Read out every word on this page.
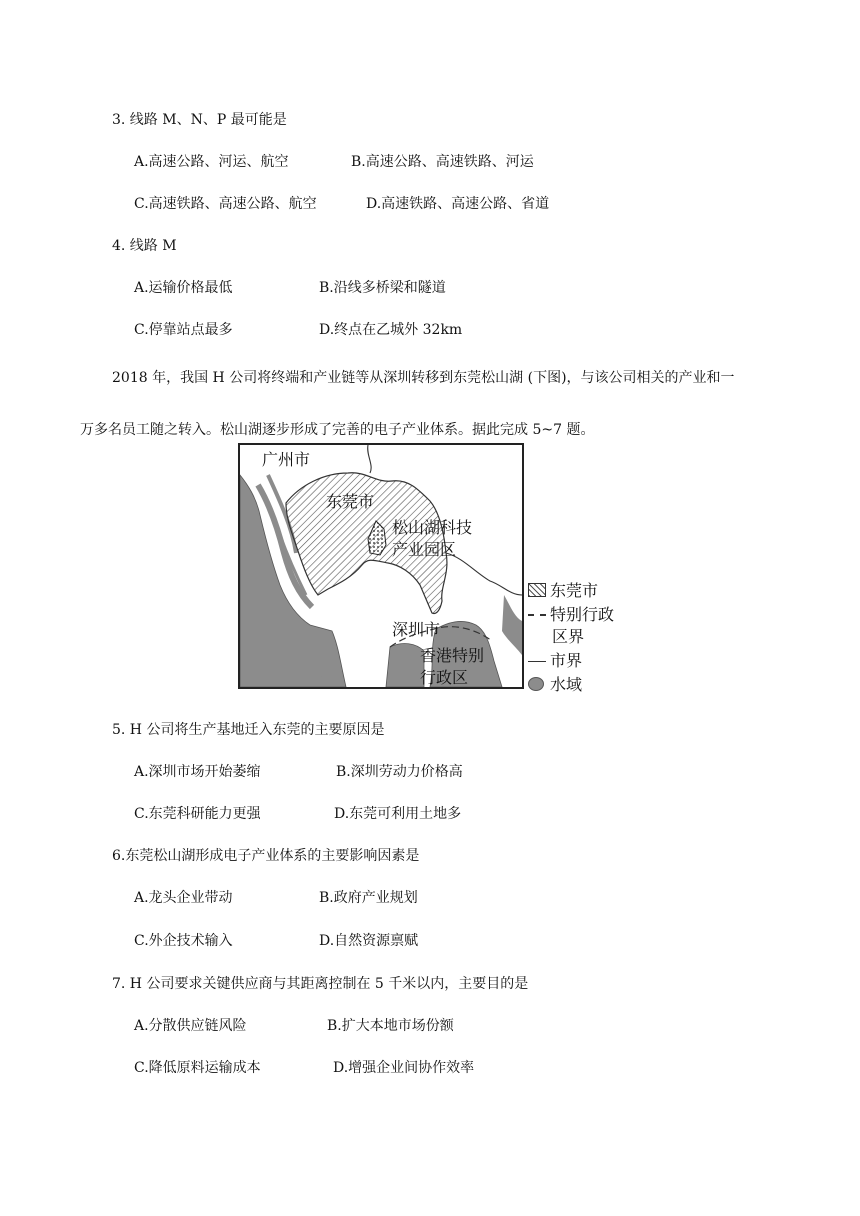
3. 线路 M、N、P 最可能是
A.高速公路、河运、航空	B.高速公路、高速铁路、河运
C.高速铁路、高速公路、航空	D.高速铁路、高速公路、省道
4. 线路 M
A.运输价格最低	B.沿线多桥梁和隧道
C.停靠站点最多	D.终点在乙城外 32km
2018 年，我国 H 公司将终端和产业链等从深圳转移到东莞松山湖 (下图)，与该公司相关的产业和一
万多名员工随之转入。松山湖逐步形成了完善的电子产业体系。据此完成 5~7 题。
广州市
东莞市
松山湖科技
产业园区
深圳市
香港特别
行政区
东莞市
特别行政
区界
市界
水域
5. H 公司将生产基地迁入东莞的主要原因是
A.深圳市场开始萎缩	B.深圳劳动力价格高
C.东莞科研能力更强	D.东莞可利用土地多
6.东莞松山湖形成电子产业体系的主要影响因素是
A.龙头企业带动	B.政府产业规划
C.外企技术输入	D.自然资源禀赋
7. H 公司要求关键供应商与其距离控制在 5 千米以内，主要目的是
A.分散供应链风险	B.扩大本地市场份额
C.降低原料运输成本	D.增强企业间协作效率
